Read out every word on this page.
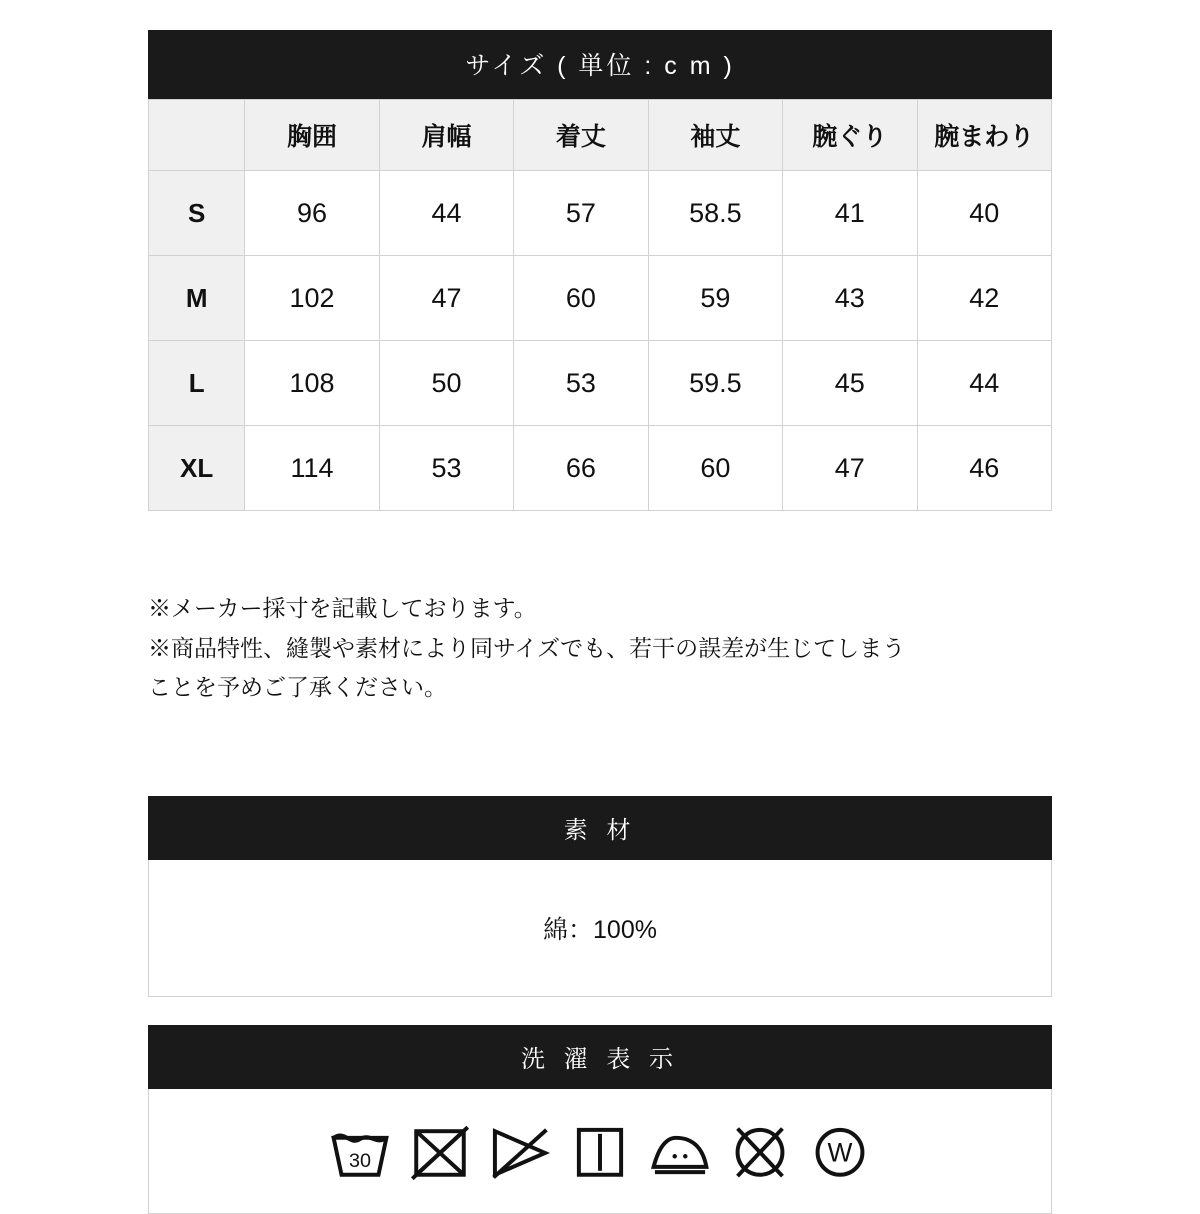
サイズ ( 単位 : c m )
	胸囲	肩幅	着丈	袖丈	腕ぐり	腕まわり
S	96	44	57	58.5	41	40
M	102	47	60	59	43	42
L	108	50	53	59.5	45	44
XL	114	53	66	60	47	46

※メーカー採寸を記載しております。

※商品特性、縫製や素材により同サイズでも、若干の誤差が生じてしまう

ことを予めご了承ください。

素 材
綿：100%
洗 濯 表 示
30	W
